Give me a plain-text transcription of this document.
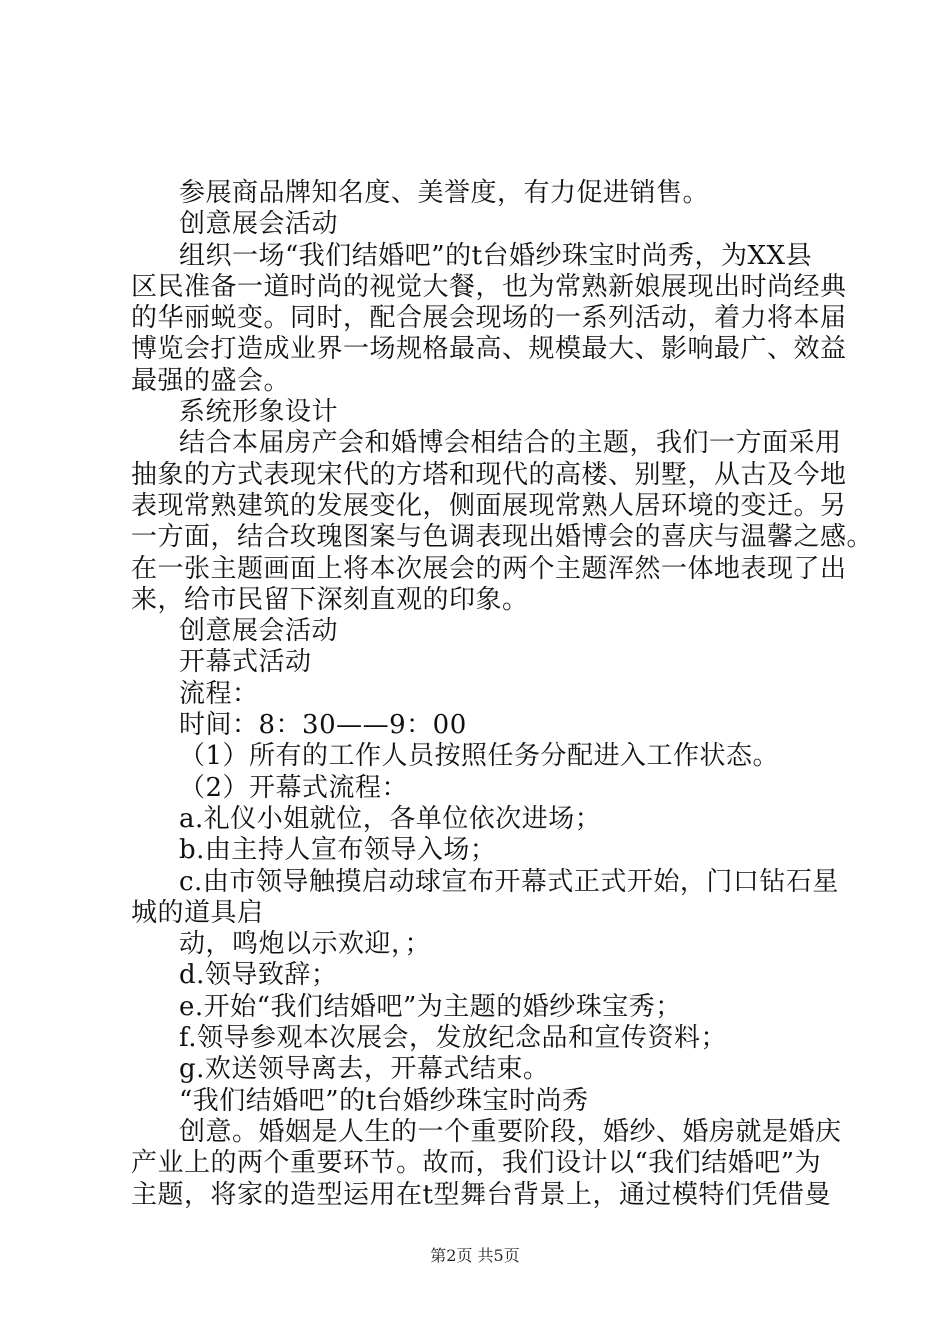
参展商品牌知名度、美誉度，有力促进销售。
创意展会活动
组织一场“我们结婚吧”的t台婚纱珠宝时尚秀，为XX县
区民准备一道时尚的视觉大餐，也为常熟新娘展现出时尚经典
的华丽蜕变。同时，配合展会现场的一系列活动，着力将本届
博览会打造成业界一场规格最高、规模最大、影响最广、效益
最强的盛会。
系统形象设计
结合本届房产会和婚博会相结合的主题，我们一方面采用
抽象的方式表现宋代的方塔和现代的高楼、别墅，从古及今地
表现常熟建筑的发展变化，侧面展现常熟人居环境的变迁。另
一方面，结合玫瑰图案与色调表现出婚博会的喜庆与温馨之感。
在一张主题画面上将本次展会的两个主题浑然一体地表现了出
来，给市民留下深刻直观的印象。
创意展会活动
开幕式活动
流程：
时间：8：30——9：00
（1）所有的工作人员按照任务分配进入工作状态。
（2）开幕式流程：
a.礼仪小姐就位，各单位依次进场；
b.由主持人宣布领导入场；
c.由市领导触摸启动球宣布开幕式正式开始，门口钻石星
城的道具启
动，鸣炮以示欢迎，；
d.领导致辞；
e.开始“我们结婚吧”为主题的婚纱珠宝秀；
f.领导参观本次展会，发放纪念品和宣传资料；
g.欢送领导离去，开幕式结束。
“我们结婚吧”的t台婚纱珠宝时尚秀
创意。婚姻是人生的一个重要阶段，婚纱、婚房就是婚庆
产业上的两个重要环节。故而，我们设计以“我们结婚吧”为
主题，将家的造型运用在t型舞台背景上，通过模特们凭借曼
第2页 共5页
